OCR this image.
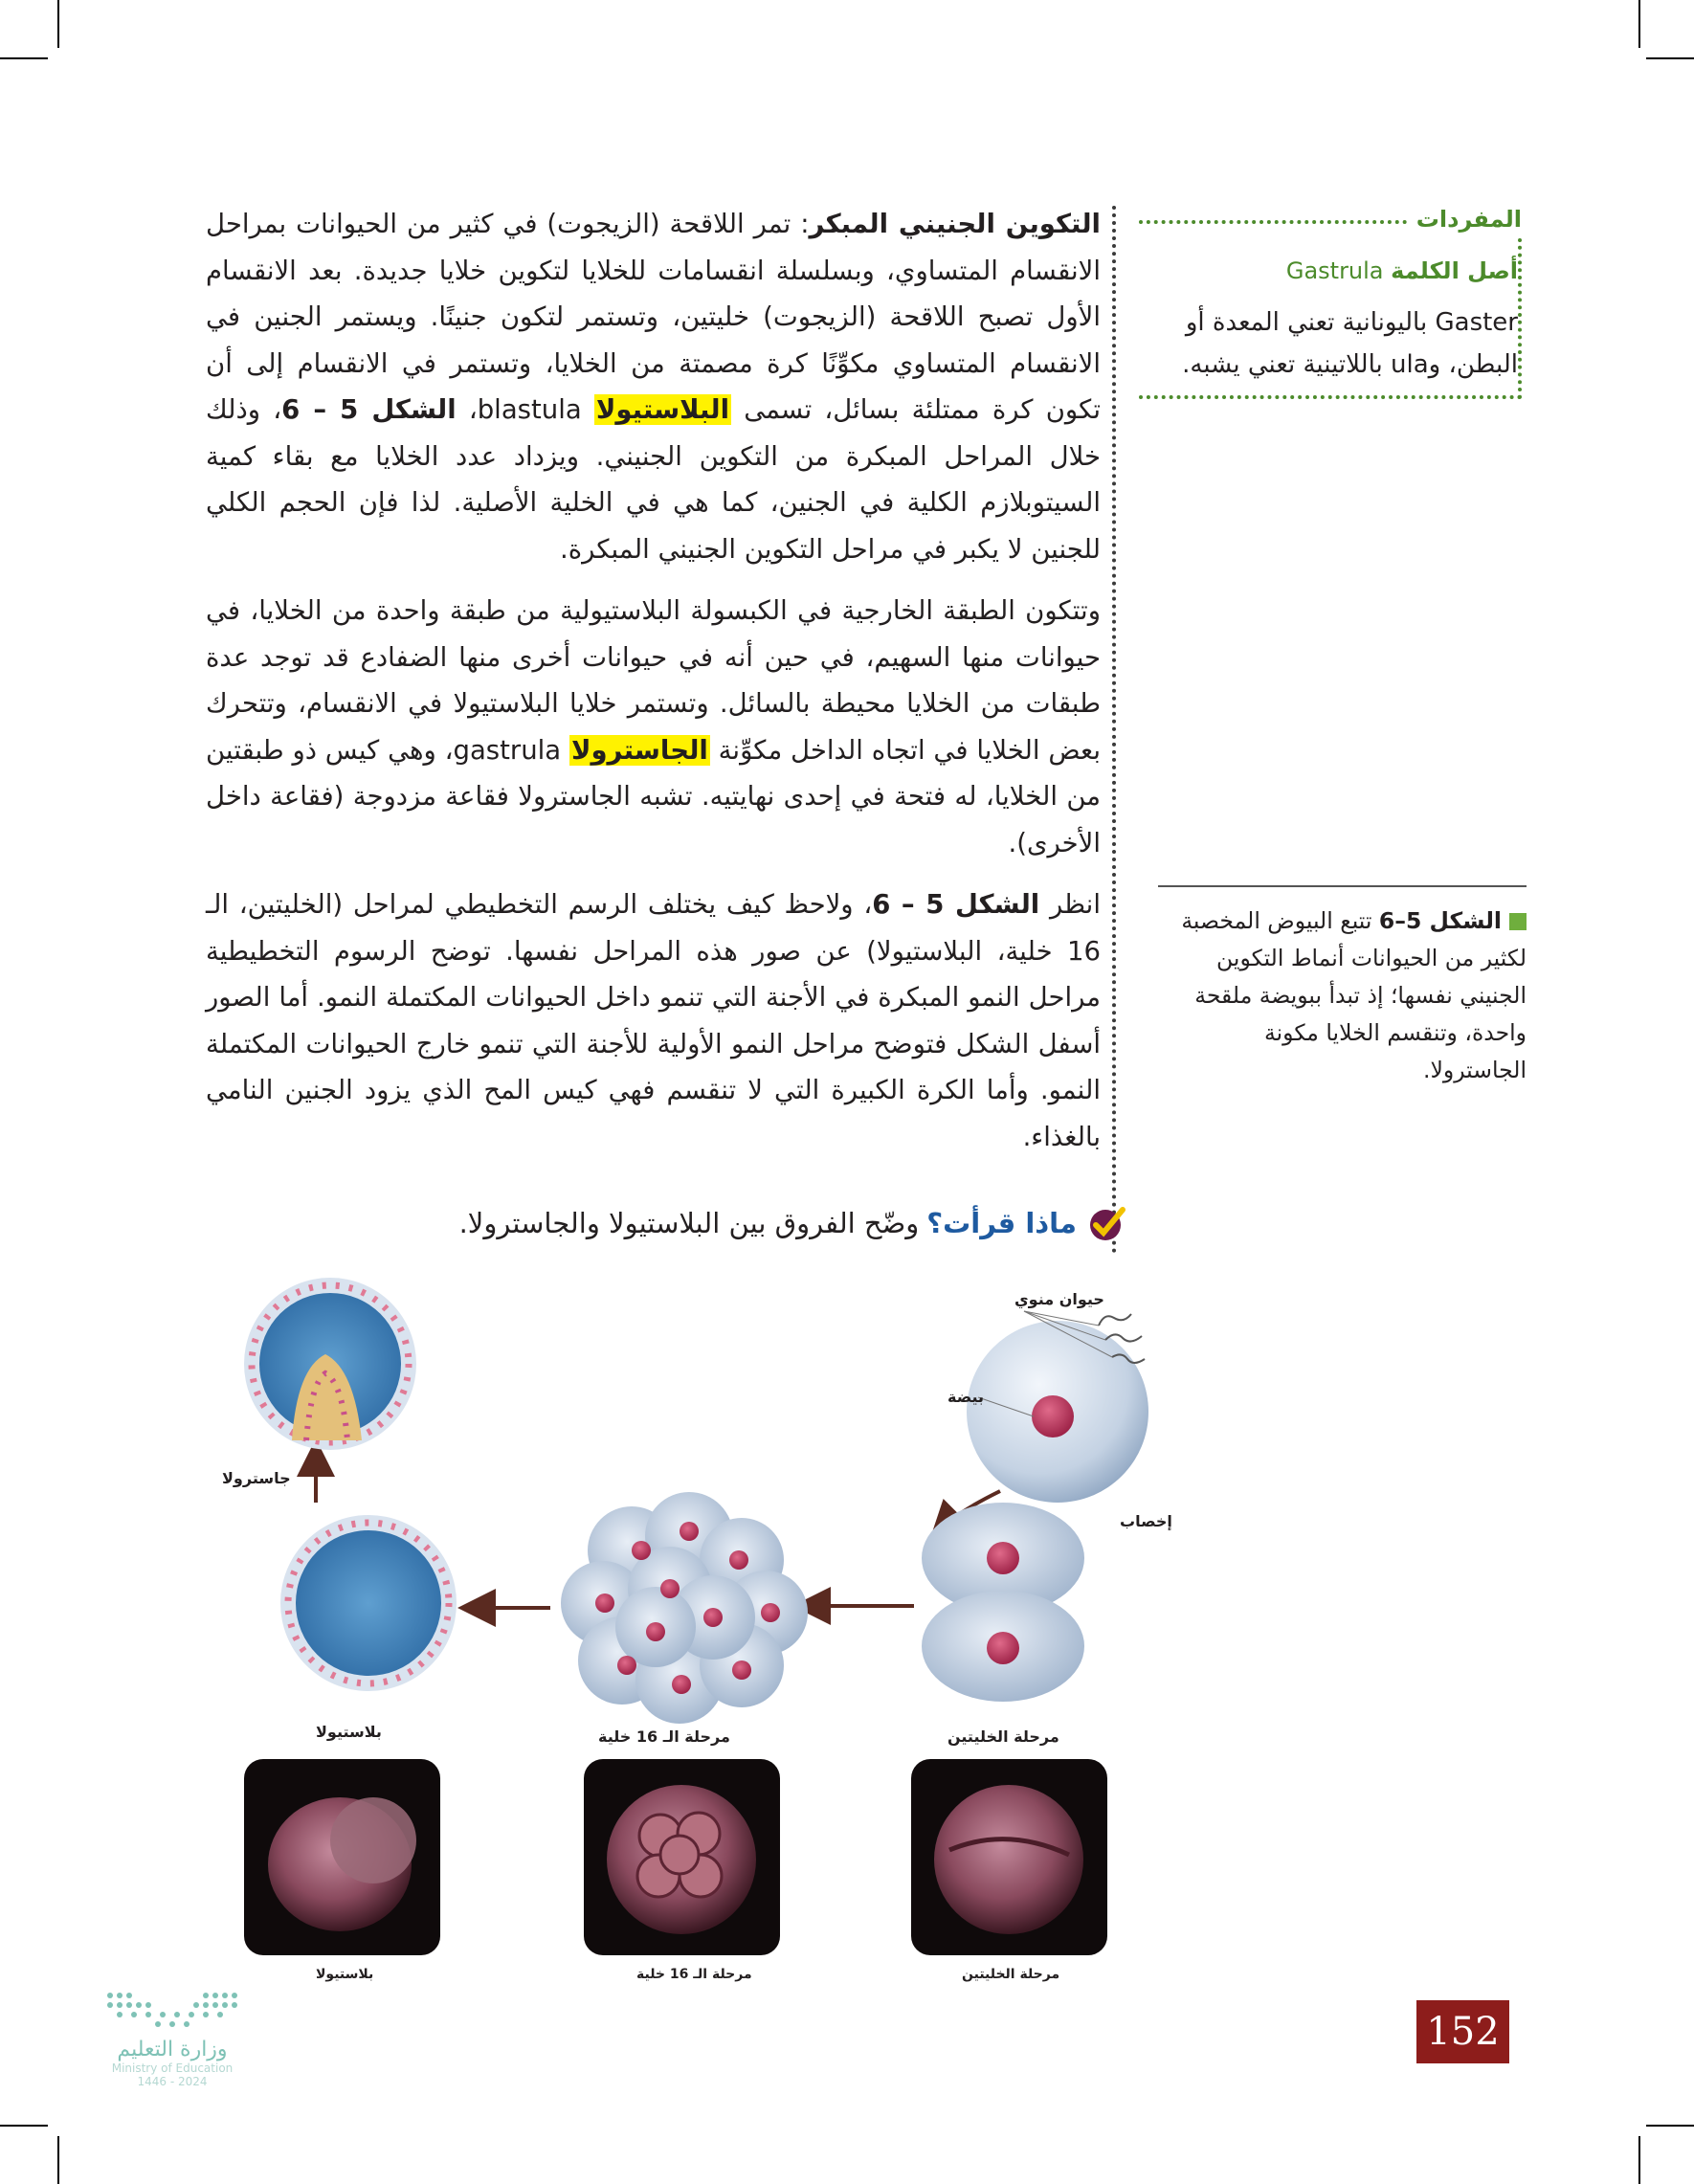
التكوين الجنيني المبكر: تمر اللاقحة (الزيجوت) في كثير من الحيوانات بمراحل الانقسام المتساوي، وبسلسلة انقسامات للخلايا لتكوين خلايا جديدة. بعد الانقسام الأول تصبح اللاقحة (الزيجوت) خليتين، وتستمر لتكون جنينًا. ويستمر الجنين في الانقسام المتساوي مكوِّنًا كرة مصمتة من الخلايا، وتستمر في الانقسام إلى أن تكون كرة ممتلئة بسائل، تسمى البلاستيولا blastula، الشكل 5 – 6، وذلك خلال المراحل المبكرة من التكوين الجنيني. ويزداد عدد الخلايا مع بقاء كمية السيتوبلازم الكلية في الجنين، كما هي في الخلية الأصلية. لذا فإن الحجم الكلي للجنين لا يكبر في مراحل التكوين الجنيني المبكرة.

وتتكون الطبقة الخارجية في الكبسولة البلاستيولية من طبقة واحدة من الخلايا، في حيوانات منها السهيم، في حين أنه في حيوانات أخرى منها الضفادع قد توجد عدة طبقات من الخلايا محيطة بالسائل. وتستمر خلايا البلاستيولا في الانقسام، وتتحرك بعض الخلايا في اتجاه الداخل مكوِّنة الجاسترولا gastrula، وهي كيس ذو طبقتين من الخلايا، له فتحة في إحدى نهايتيه. تشبه الجاسترولا فقاعة مزدوجة (فقاعة داخل الأخرى).

انظر الشكل 5 – 6، ولاحظ كيف يختلف الرسم التخطيطي لمراحل (الخليتين، الـ 16 خلية، البلاستيولا) عن صور هذه المراحل نفسها. توضح الرسوم التخطيطية مراحل النمو المبكرة في الأجنة التي تنمو داخل الحيوانات المكتملة النمو. أما الصور أسفل الشكل فتوضح مراحل النمو الأولية للأجنة التي تنمو خارج الحيوانات المكتملة النمو. وأما الكرة الكبيرة التي لا تنقسم فهي كيس المح الذي يزود الجنين النامي بالغذاء.

المفردات
أصل الكلمة Gastrula
Gaster باليونانية تعني المعدة أو البطن، وula باللاتينية تعني يشبه.
الشكل 5–6 تتبع البيوض المخصبة لكثير من الحيوانات أنماط التكوين الجنيني نفسها؛ إذ تبدأ ببويضة ملقحة واحدة، وتنقسم الخلايا مكونة الجاسترولا.
ماذا قرأت؟
وضّح الفروق بين البلاستيولا والجاسترولا.
حيوان منوي
بيضة
إخصاب
مرحلة الخليتين
مرحلة الـ 16 خلية
بلاستيولا
جاسترولا
بلاستيولا	مرحلة الـ 16 خلية	مرحلة الخليتين
وزارة التعليم
Ministry of Education
2024 - 1446
152
